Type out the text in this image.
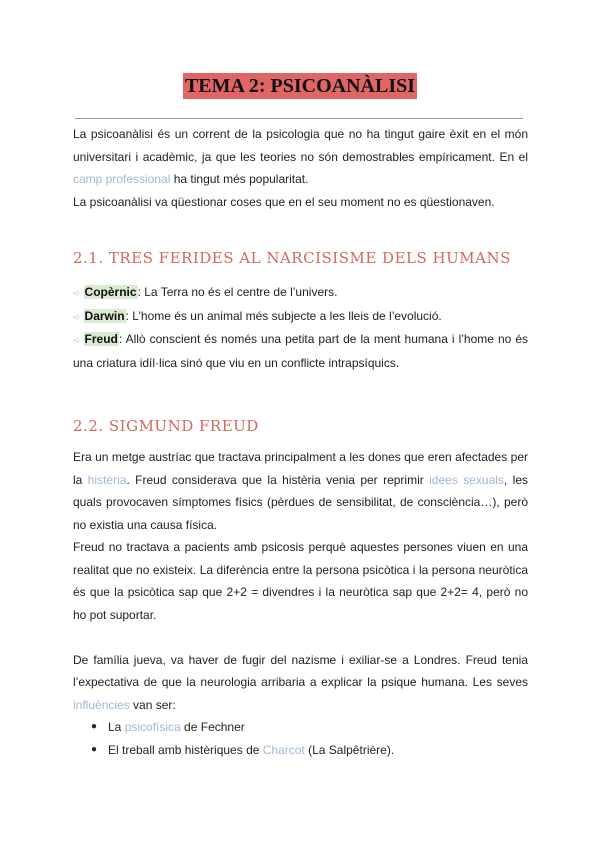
TEMA 2: PSICOANÀLISI

La psicoanàlisi és un corrent de la psicologia que no ha tingut gaire èxit en el món universitari i acadèmic, ja que les teories no són demostrables empíricament. En el camp professional ha tingut més popularitat.

La psicoanàlisi va qüestionar coses que en el seu moment no es qüestionaven.

2.1. TRES FERIDES AL NARCISISME DELS HUMANS

➪ Copèrnic: La Terra no és el centre de l’univers.

➪ Darwin: L’home és un animal més subjecte a les lleis de l’evolució.

➪ Freud: Allò conscient és només una petita part de la ment humana i l’home no és una criatura idíl·lica sinó que viu en un conflicte intrapsíquics.

2.2. SIGMUND FREUD

Era un metge austríac que tractava principalment a les dones que eren afectades per la histèria. Freud considerava que la histèria venia per reprimir idees sexuals, les quals provocaven símptomes físics (pèrdues de sensibilitat, de consciència…), però no existia una causa física.

Freud no tractava a pacients amb psicosis perquè aquestes persones viuen en una realitat que no existeix. La diferència entre la persona psicòtica i la persona neuròtica és que la psicòtica sap que 2+2 = divendres i la neuròtica sap que 2+2= 4, però no ho pot suportar.

De família jueva, va haver de fugir del nazisme i exiliar-se a Londres. Freud tenia l’expectativa de que la neurologia arribaria a explicar la psique humana. Les seves influències van ser:

● La psicofísica de Fechner
● El treball amb histèriques de Charcot (La Salpêtrière).
